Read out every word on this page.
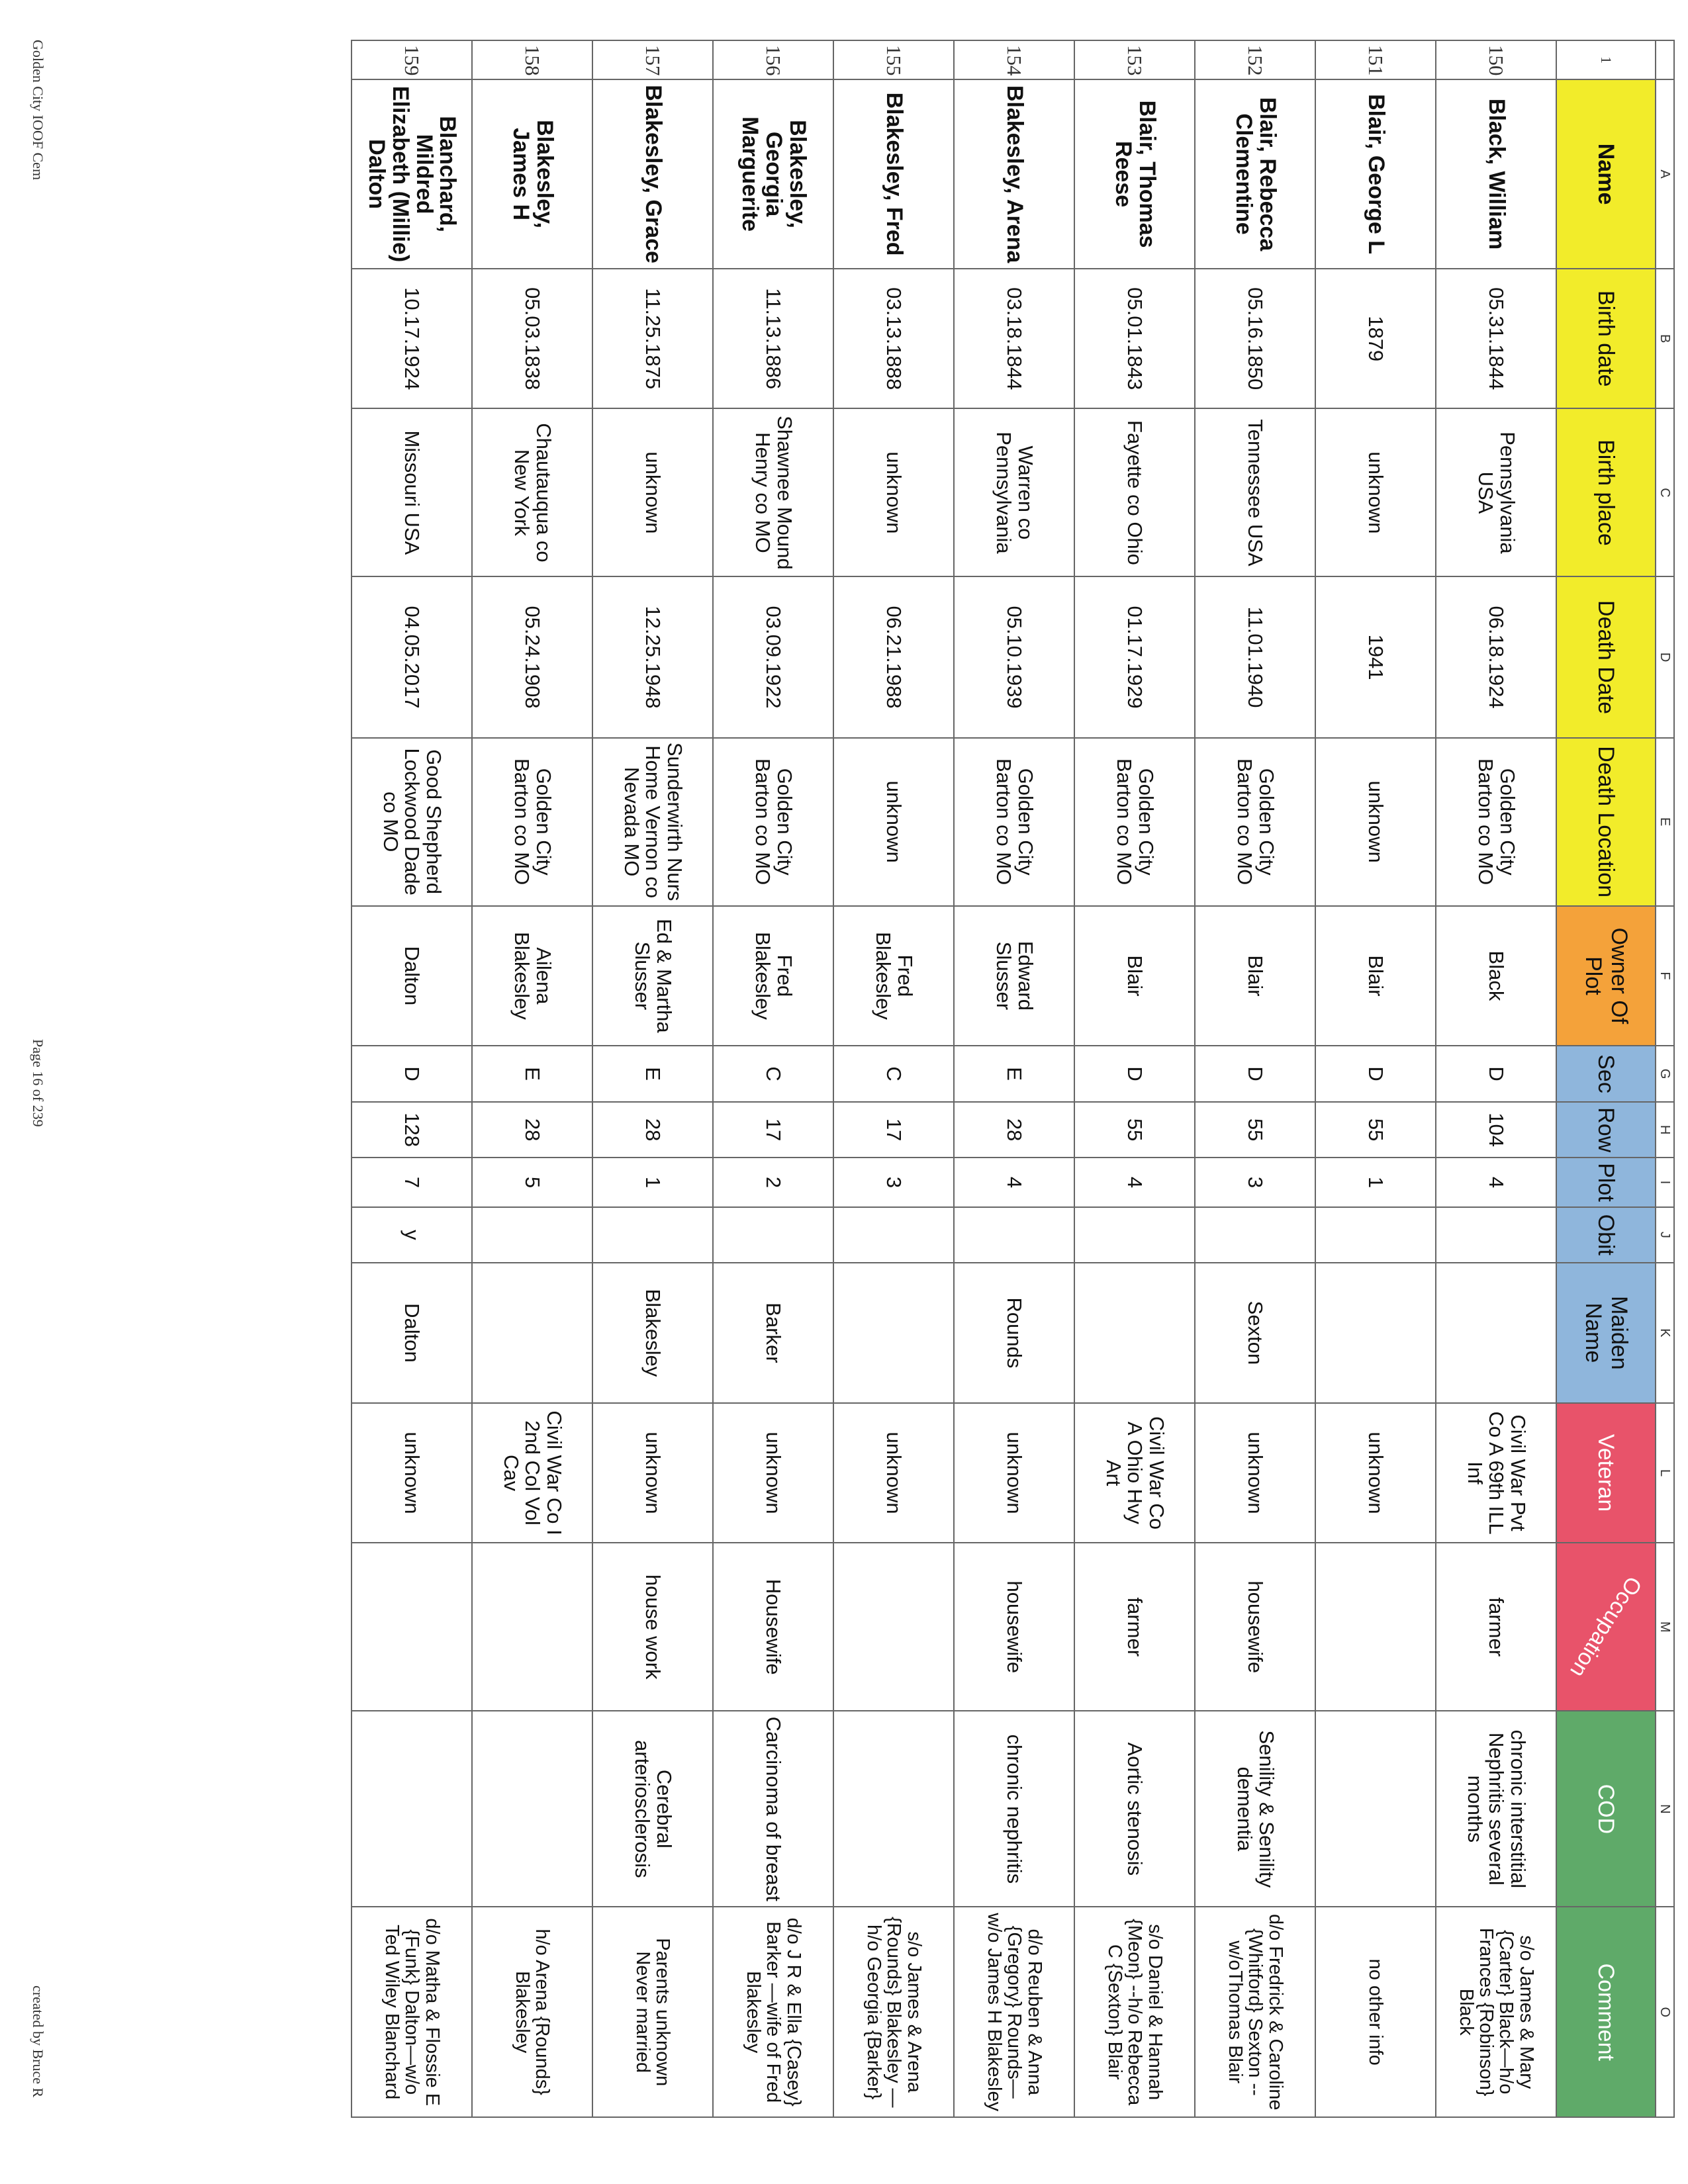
Golden City IOOF Cem
Page 16 of 239
created by Bruce R
	A	B	C	D	E	F	G	H	I	J	K	L	M	N	O
1	Name	Birth date	Birth place	Death Date	Death Location	Owner Of Plot	Sec	Row	Plot	Obit	Maiden Name	Veteran	Occupation	COD	Comment
150	Black, William	05.31.1844	Pennsylvania USA	06.18.1924	Golden City Barton co MO	Black	D	104	4			Civil War Pvt Co A 69th ILL Inf	farmer	chronic interstitial Nephritis several months	s/o James & Mary {Carter} Black—h/o Frances {Robinson} Black
151	Blair, George L	1879	unknown	1941	unknown	Blair	D	55	1			unknown			no other info
152	Blair, Rebecca Clementine	05.16.1850	Tennessee USA	11.01.1940	Golden City Barton co MO	Blair	D	55	3		Sexton	unknown	housewife	Senility & Senility dementia	d/o Fredrick & Caroline {Whitford} Sexton --w/oThomas Blair
153	Blair, Thomas Reese	05.01.1843	Fayette co Ohio	01.17.1929	Golden City Barton co MO	Blair	D	55	4			Civil War Co A Ohio Hvy Art	farmer	Aortic stenosis	s/o Daniel & Hannah {Meon} --h/o Rebecca C {Sexton} Blair
154	Blakesley, Arena	03.18.1844	Warren co Pennsylvania	05.10.1939	Golden City Barton co MO	Edward Slusser	E	28	4		Rounds	unknown	housewife	chronic nephritis	d/o Reuben & Anna {Gregory} Rounds—w/o James H Blakesley
155	Blakesley, Fred	03.13.1888	unknown	06.21.1988	unknown	Fred Blakesley	C	17	3			unknown			s/o James & Arena {Rounds} Blakesley —h/o Georgia {Barker}
156	Blakesley, Georgia Marguerite	11.13.1886	Shawnee Mound Henry co MO	03.09.1922	Golden City Barton co MO	Fred Blakesley	C	17	2		Barker	unknown	Housewife	Carcinoma of breast	d/o J R & Ella {Casey} Barker —wife of Fred Blakesley
157	Blakesley, Grace	11.25.1875	unknown	12.25.1948	Sunderwirth Nurs Home Vernon co Nevada MO	Ed & Martha Slusser	E	28	1		Blakesley	unknown	house work	Cerebral arteriosclerosis	Parents unknown Never married
158	Blakesley, James H	05.03.1838	Chautauqua co New York	05.24.1908	Golden City Barton co MO	Ailena Blakesley	E	28	5			Civil War Co I 2nd Col Vol Cav			h/o Arena {Rounds} Blakesley
159	Blanchard, Mildred Elizabeth (Millie) Dalton	10.17.1924	Missouri USA	04.05.2017	Good Shepherd Lockwood Dade co MO	Dalton	D	128	7	y	Dalton	unknown			d/o Matha & Flossie E {Funk} Dalton—w/o Ted Wiley Blanchard
